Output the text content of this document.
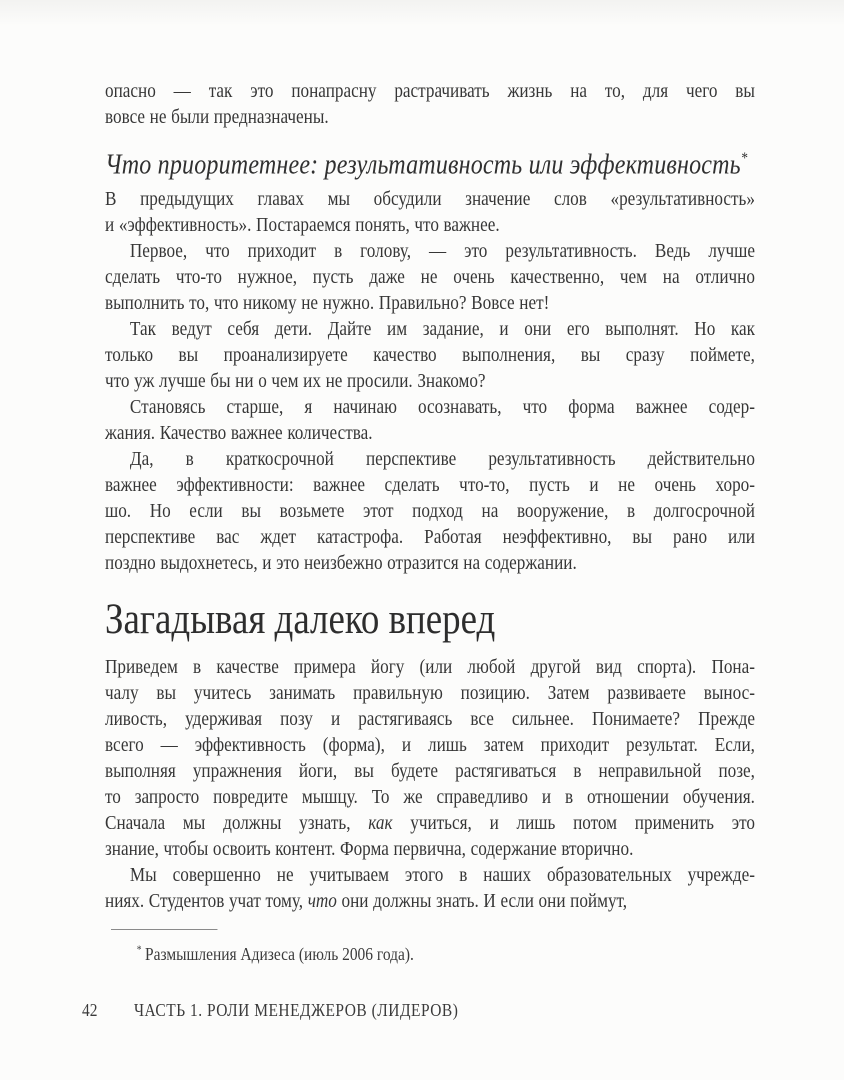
опасно — так это понапрасну растрачивать жизнь на то, для чего вы
вовсе не были предназначены.
Что приоритетнее: результативность или эффективность*
В предыдущих главах мы обсудили значение слов «результативность»
и «эффективность». Постараемся понять, что важнее.
Первое, что приходит в голову, — это результативность. Ведь лучше
сделать что-то нужное, пусть даже не очень качественно, чем на отлично
выполнить то, что никому не нужно. Правильно? Вовсе нет!
Так ведут себя дети. Дайте им задание, и они его выполнят. Но как
только вы проанализируете качество выполнения, вы сразу поймете,
что уж лучше бы ни о чем их не просили. Знакомо?
Становясь старше, я начинаю осознавать, что форма важнее содер-
жания. Качество важнее количества.
Да, в краткосрочной перспективе результативность действительно
важнее эффективности: важнее сделать что-то, пусть и не очень хоро-
шо. Но если вы возьмете этот подход на вооружение, в долгосрочной
перспективе вас ждет катастрофа. Работая неэффективно, вы рано или
поздно выдохнетесь, и это неизбежно отразится на содержании.
Загадывая далеко вперед
Приведем в качестве примера йогу (или любой другой вид спорта). Пона-
чалу вы учитесь занимать правильную позицию. Затем развиваете вынос-
ливость, удерживая позу и растягиваясь все сильнее. Понимаете? Прежде
всего — эффективность (форма), и лишь затем приходит результат. Если,
выполняя упражнения йоги, вы будете растягиваться в неправильной позе,
то запросто повредите мышцу. То же справедливо и в отношении обучения.
Сначала мы должны узнать, как учиться, и лишь потом применить это
знание, чтобы освоить контент. Форма первична, содержание вторично.
Мы совершенно не учитываем этого в наших образовательных учрежде-
ниях. Студентов учат тому, что они должны знать. И если они поймут,

* Размышления Адизеса (июль 2006 года).

42 ЧАСТЬ 1. РОЛИ МЕНЕДЖЕРОВ (ЛИДЕРОВ)
